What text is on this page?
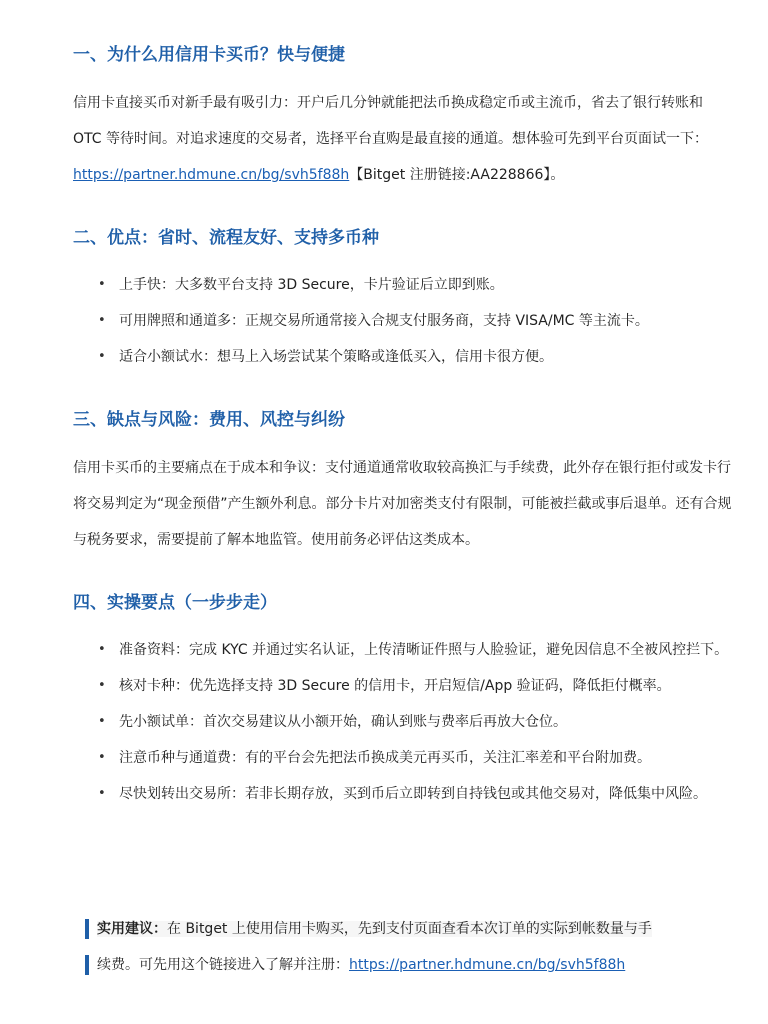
一、为什么用信用卡买币？快与便捷

信用卡直接买币对新手最有吸引力：开户后几分钟就能把法币换成稳定币或主流币，省去了银行转账和 OTC 等待时间。对追求速度的交易者，选择平台直购是最直接的通道。想体验可先到平台页面试一下：https://partner.hdmune.cn/bg/svh5f88h【Bitget 注册链接:AA228866】。

二、优点：省时、流程友好、支持多币种
• 上手快：大多数平台支持 3D Secure，卡片验证后立即到账。
• 可用牌照和通道多：正规交易所通常接入合规支付服务商，支持 VISA/MC 等主流卡。
• 适合小额试水：想马上入场尝试某个策略或逢低买入，信用卡很方便。
三、缺点与风险：费用、风控与纠纷

信用卡买币的主要痛点在于成本和争议：支付通道通常收取较高换汇与手续费，此外存在银行拒付或发卡行将交易判定为“现金预借”产生额外利息。部分卡片对加密类支付有限制，可能被拦截或事后退单。还有合规与税务要求，需要提前了解本地监管。使用前务必评估这类成本。

四、实操要点（一步步走）
• 准备资料：完成 KYC 并通过实名认证，上传清晰证件照与人脸验证，避免因信息不全被风控拦下。
• 核对卡种：优先选择支持 3D Secure 的信用卡，开启短信/App 验证码，降低拒付概率。
• 先小额试单：首次交易建议从小额开始，确认到账与费率后再放大仓位。
• 注意币种与通道费：有的平台会先把法币换成美元再买币，关注汇率差和平台附加费。
• 尽快划转出交易所：若非长期存放，买到币后立即转到自持钱包或其他交易对，降低集中风险。
实用建议：在 Bitget 上使用信用卡购买，先到支付页面查看本次订单的实际到帐数量与手
续费。可先用这个链接进入了解并注册：https://partner.hdmune.cn/bg/svh5f88h
